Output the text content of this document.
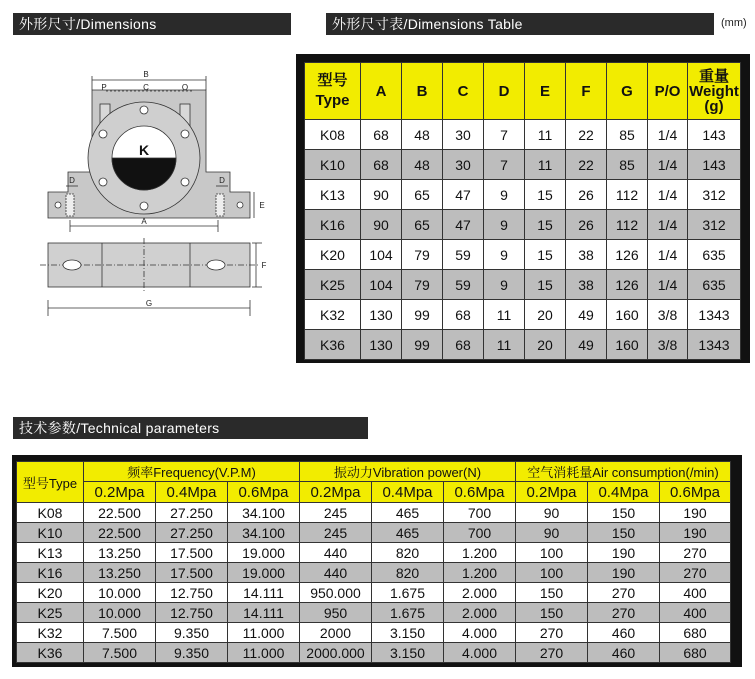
外形尺寸/Dimensions	外形尺寸表/Dimensions Table	(mm)
技术参数/Technical parameters
B
C
P	O
D	D
E
A
F
G
K
型号
Type	A	B	C	D	E	F	G	P/O	重量
Weight
(g)
K08	68	48	30	7	11	22	85	1/4	143
K10	68	48	30	7	11	22	85	1/4	143
K13	90	65	47	9	15	26	112	1/4	312
K16	90	65	47	9	15	26	112	1/4	312
K20	104	79	59	9	15	38	126	1/4	635
K25	104	79	59	9	15	38	126	1/4	635
K32	130	99	68	11	20	49	160	3/8	1343
K36	130	99	68	11	20	49	160	3/8	1343
型号Type	频率Frequency(V.P.M)			振动力Vibration power(N)			空气消耗量Air consumption(/min)		
	0.2Mpa	0.4Mpa	0.6Mpa	0.2Mpa	0.4Mpa	0.6Mpa	0.2Mpa	0.4Mpa	0.6Mpa
K08	22.500	27.250	34.100	245	465	700	90	150	190
K10	22.500	27.250	34.100	245	465	700	90	150	190
K13	13.250	17.500	19.000	440	820	1.200	100	190	270
K16	13.250	17.500	19.000	440	820	1.200	100	190	270
K20	10.000	12.750	14.111	950.000	1.675	2.000	150	270	400
K25	10.000	12.750	14.111	950	1.675	2.000	150	270	400
K32	7.500	9.350	11.000	2000	3.150	4.000	270	460	680
K36	7.500	9.350	11.000	2000.000	3.150	4.000	270	460	680
